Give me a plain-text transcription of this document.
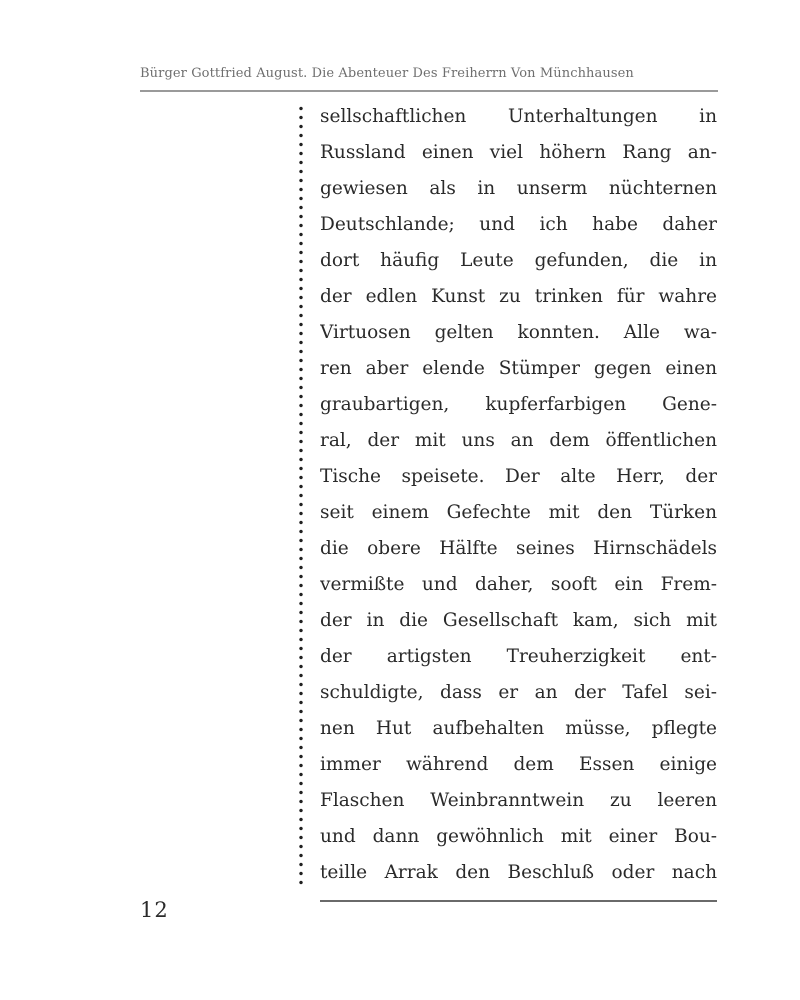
Bürger Gottfried August. Die Abenteuer Des Freiherrn Von Münchhausen
sellschaftlichen Unterhaltungen in
Russland einen viel höhern Rang an-
gewiesen als in unserm nüchternen
Deutschlande; und ich habe daher
dort häufig Leute gefunden, die in
der edlen Kunst zu trinken für wahre
Virtuosen gelten konnten. Alle wa-
ren aber elende Stümper gegen einen
graubartigen, kupferfarbigen Gene-
ral, der mit uns an dem öffentlichen
Tische speisete. Der alte Herr, der
seit einem Gefechte mit den Türken
die obere Hälfte seines Hirnschädels
vermißte und daher, sooft ein Frem-
der in die Gesellschaft kam, sich mit
der artigsten Treuherzigkeit ent-
schuldigte, dass er an der Tafel sei-
nen Hut aufbehalten müsse, pflegte
immer während dem Essen einige
Flaschen Weinbranntwein zu leeren
und dann gewöhnlich mit einer Bou-
teille Arrak den Beschluß oder nach
12
